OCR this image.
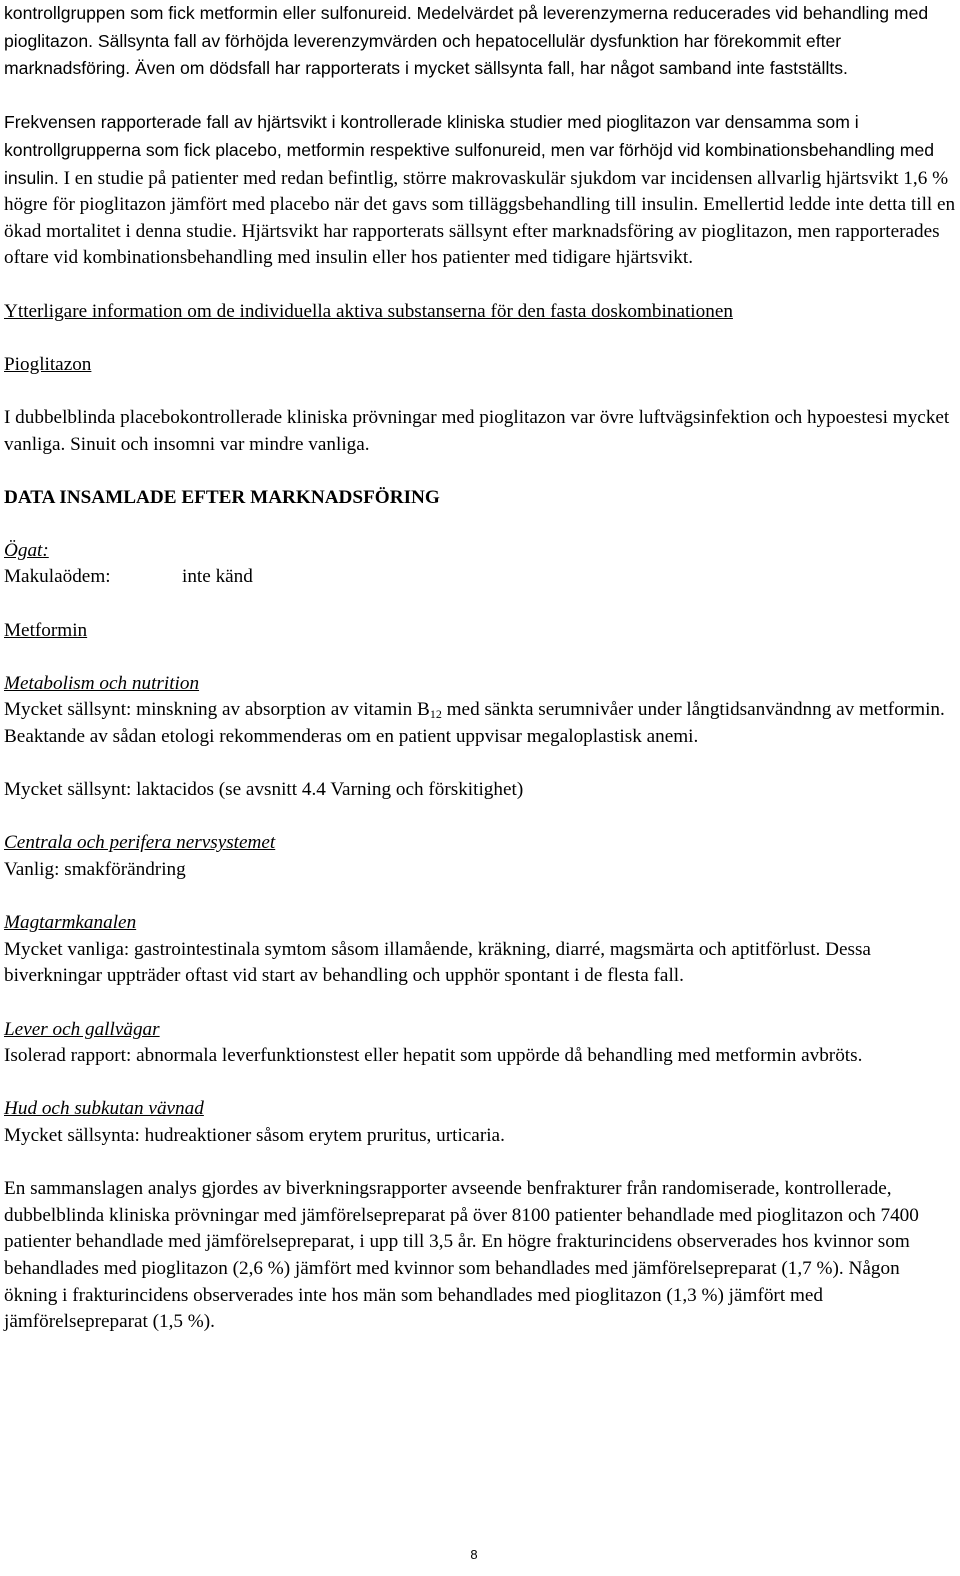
kontrollgruppen som fick metformin eller sulfonureid. Medelvärdet på leverenzymerna reducerades vid behandling med pioglitazon. Sällsynta fall av förhöjda leverenzymvärden och hepatocellulär dysfunktion har förekommit efter marknadsföring. Även om dödsfall har rapporterats i mycket sällsynta fall, har något samband inte fastställts.

Frekvensen rapporterade fall av hjärtsvikt i kontrollerade kliniska studier med pioglitazon var densamma som i kontrollgrupperna som fick placebo, metformin respektive sulfonureid, men var förhöjd vid kombinationsbehandling med insulin. I en studie på patienter med redan befintlig, större makrovaskulär sjukdom var incidensen allvarlig hjärtsvikt 1,6 % högre för pioglitazon jämfört med placebo när det gavs som tilläggsbehandling till insulin. Emellertid ledde inte detta till en ökad mortalitet i denna studie. Hjärtsvikt har rapporterats sällsynt efter marknadsföring av pioglitazon, men rapporterades oftare vid kombinationsbehandling med insulin eller hos patienter med tidigare hjärtsvikt.

Ytterligare information om de individuella aktiva substanserna för den fasta doskombinationen

Pioglitazon

I dubbelblinda placebokontrollerade kliniska prövningar med pioglitazon var övre luftvägsinfektion och hypoestesi mycket vanliga. Sinuit och insomni var mindre vanliga.

DATA INSAMLADE EFTER MARKNADSFÖRING

Ögat:

Makulaödem:	inte känd

Metformin

Metabolism och nutrition

Mycket sällsynt: minskning av absorption av vitamin $B_{12}$ med sänkta serumnivåer under långtidsanvändnng av metformin. Beaktande av sådan etologi rekommenderas om en patient uppvisar megaloplastisk anemi.

Mycket sällsynt: laktacidos (se avsnitt 4.4 Varning och förskitighet)

Centrala och perifera nervsystemet

Vanlig: smakförändring

Magtarmkanalen

Mycket vanliga: gastrointestinala symtom såsom illamående, kräkning, diarré, magsmärta och aptitförlust. Dessa biverkningar uppträder oftast vid start av behandling och upphör spontant i de flesta fall.

Lever och gallvägar

Isolerad rapport: abnormala leverfunktionstest eller hepatit som uppörde då behandling med metformin avbröts.

Hud och subkutan vävnad

Mycket sällsynta: hudreaktioner såsom erytem pruritus, urticaria.

En sammanslagen analys gjordes av biverkningsrapporter avseende benfrakturer från randomiserade, kontrollerade, dubbelblinda kliniska prövningar med jämförelsepreparat på över 8100 patienter behandlade med pioglitazon och 7400 patienter behandlade med jämförelsepreparat, i upp till 3,5 år. En högre frakturincidens observerades hos kvinnor som behandlades med pioglitazon (2,6 %) jämfört med kvinnor som behandlades med jämförelsepreparat (1,7 %). Någon ökning i frakturincidens observerades inte hos män som behandlades med pioglitazon (1,3 %) jämfört med jämförelsepreparat (1,5 %).

8
